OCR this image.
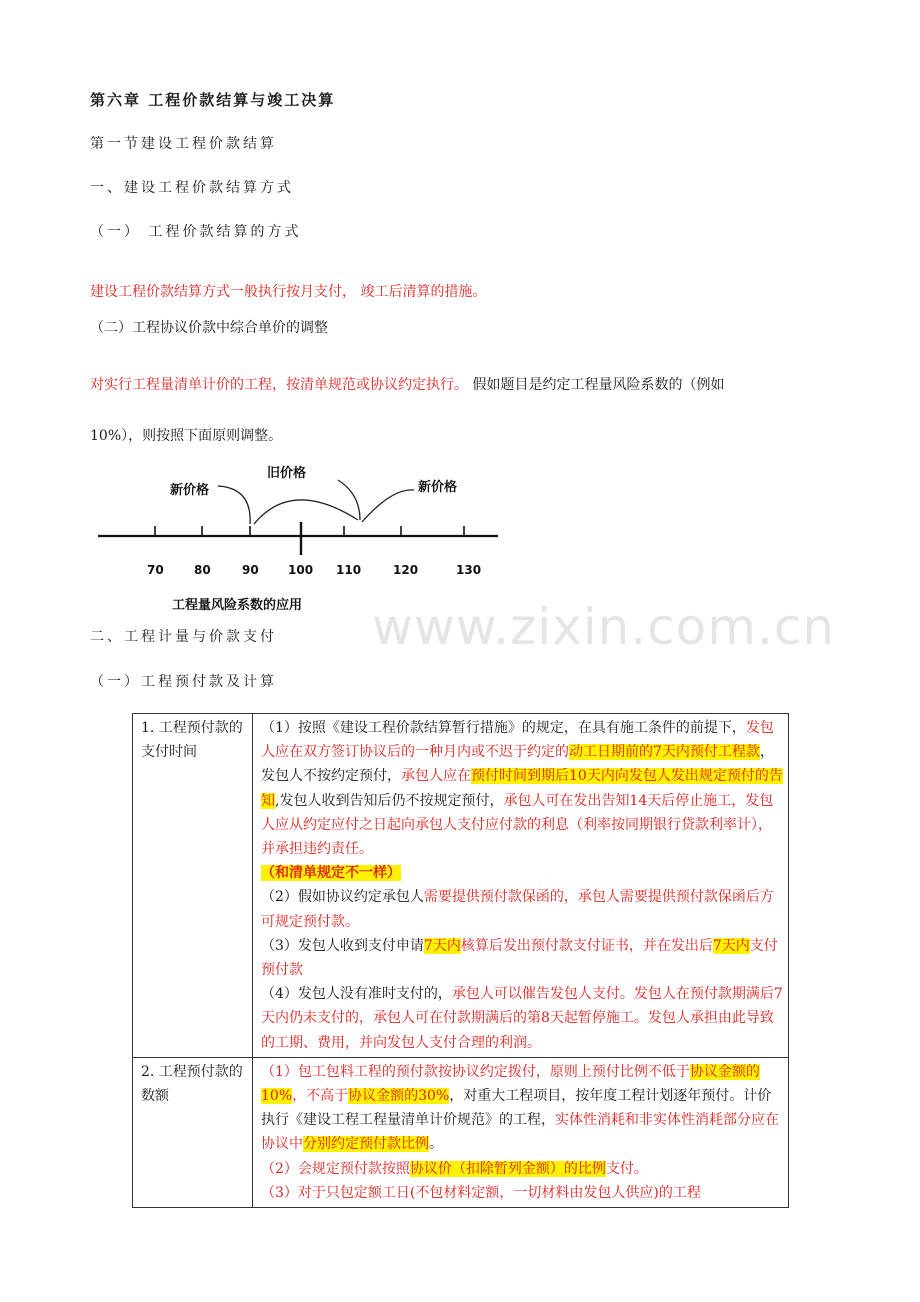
第六章 工程价款结算与竣工决算
第一节建设工程价款结算
一、建设工程价款结算方式
（一） 工程价款结算的方式
建设工程价款结算方式一般执行按月支付， 竣工后清算的措施。
（二）工程协议价款中综合单价的调整
对实行工程量清单计价的工程，按清单规范或协议约定执行。 假如题目是约定工程量风险系数的（例如
10%），则按照下面原则调整。
新价格
旧价格
新价格
70	80	90 100 110	120	130
工程量风险系数的应用 www.zixin.com.cn
二、工程计量与价款支付
（一）工程预付款及计算
1. 工程预付款的支付时间	（1）按照《建设工程价款结算暂行措施》的规定，在具有施工条件的前提下，发包人应在双方签订协议后的一种月内或不迟于约定的动工日期前的7天内预付工程款，发包人不按约定预付，承包人应在预付时间到期后10天内向发包人发出规定预付的告知,发包人收到告知后仍不按规定预付，承包人可在发出告知14天后停止施工，发包人应从约定应付之日起向承包人支付应付款的利息（利率按同期银行贷款利率计），并承担违约责任。
（和清单规定不一样）

（2）假如协议约定承包人需要提供预付款保函的，承包人需要提供预付款保函后方可规定预付款。

（3）发包人收到支付申请7天内核算后发出预付款支付证书，并在发出后7天内支付预付款

（4）发包人没有准时支付的，承包人可以催告发包人支付。发包人在预付款期满后7天内仍未支付的，承包人可在付款期满后的第8天起暂停施工。发包人承担由此导致的工期、费用，并向发包人支付合理的利润。

2. 工程预付款的数额	（1）包工包料工程的预付款按协议约定拨付，原则上预付比例不低于协议金额的10%，不高于协议金额的30%，对重大工程项目，按年度工程计划逐年预付。计价执行《建设工程工程量清单计价规范》的工程，实体性消耗和非实体性消耗部分应在协议中分别约定预付款比例。

（2）会规定预付款按照协议价（扣除暂列金额）的比例支付。

（3）对于只包定额工日(不包材料定额，一切材料由发包人供应)的工程
